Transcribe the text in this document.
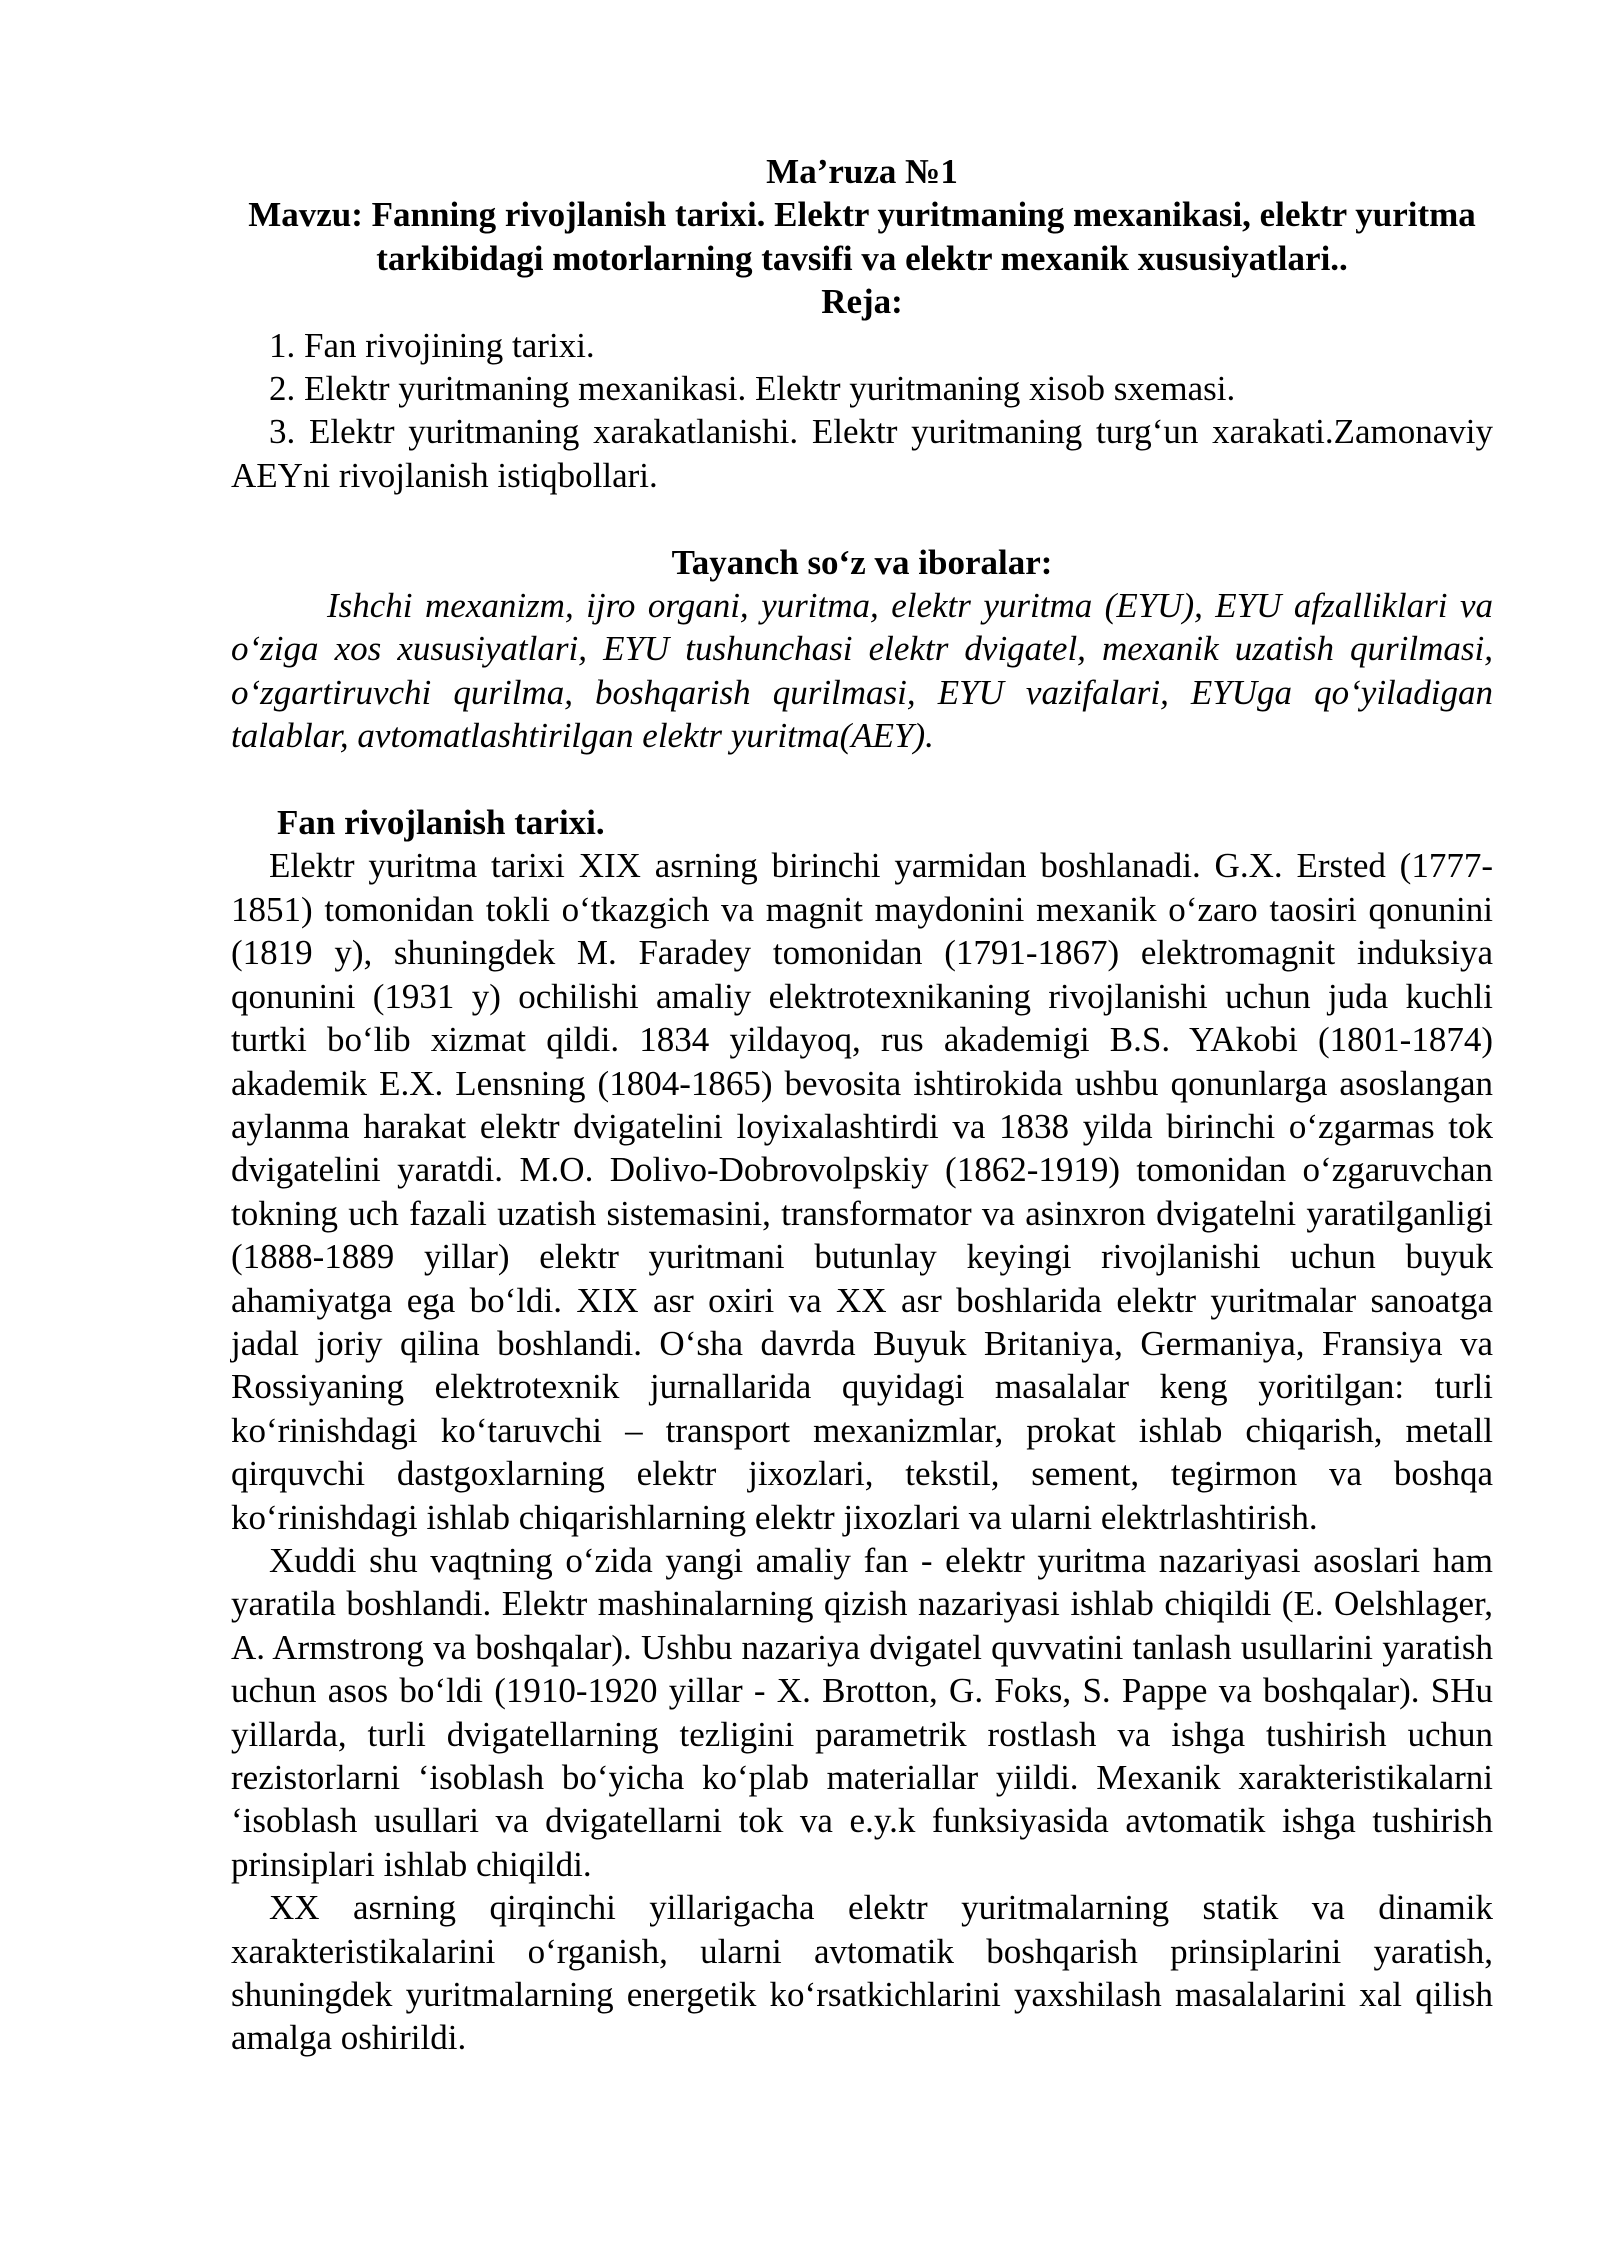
Ma’ruza №1
Mavzu: Fanning rivojlanish tarixi. Elektr yuritmaning mexanikasi, elektr yuritma tarkibidagi motorlarning tavsifi va elektr mexanik xususiyatlari..
Reja:
1. Fan rivojining tarixi.
2. Elektr yuritmaning mexanikasi. Elektr yuritmaning xisob sxemasi.
3. Elektr yuritmaning xarakatlanishi. Elektr yuritmaning turg‘un xarakati.Zamonaviy AEYni rivojlanish istiqbollari.
Tayanch so‘z va iboralar:
Ishchi mexanizm, ijro organi, yuritma, elektr yuritma (EYU), EYU afzalliklari va o‘ziga xos xususiyatlari, EYU tushunchasi elektr dvigatel, mexanik uzatish qurilmasi, o‘zgartiruvchi qurilma, boshqarish qurilmasi, EYU vazifalari, EYUga qo‘yiladigan talablar, avtomatlashtirilgan elektr yuritma(AEY).
Fan rivojlanish tarixi.

Elektr yuritma tarixi XIX asrning birinchi yarmidan boshlanadi. G.X. Ersted (1777-1851) tomonidan tokli o‘tkazgich va magnit maydonini mexanik o‘zaro taosiri qonunini (1819 y), shuningdek M. Faradey tomonidan (1791-1867) elektromagnit induksiya qonunini (1931 y) ochilishi amaliy elektrotexnikaning rivojlanishi uchun juda kuchli turtki bo‘lib xizmat qildi. 1834 yildayoq, rus akademigi B.S. YAkobi (1801-1874) akademik E.X. Lensning (1804-1865) bevosita ishtirokida ushbu qonunlarga asoslangan aylanma harakat elektr dvigatelini loyixalashtirdi va 1838 yilda birinchi o‘zgarmas tok dvigatelini yaratdi. M.O. Dolivo-Dobrovolpskiy (1862-1919) tomonidan o‘zgaruvchan tokning uch fazali uzatish sistemasini, transformator va asinxron dvigatelni yaratilganligi (1888-1889 yillar) elektr yuritmani butunlay keyingi rivojlanishi uchun buyuk ahamiyatga ega bo‘ldi. XIX asr oxiri va XX asr boshlarida elektr yuritmalar sanoatga jadal joriy qilina boshlandi. O‘sha davrda Buyuk Britaniya, Germaniya, Fransiya va Rossiyaning elektrotexnik jurnallarida quyidagi masalalar keng yoritilgan: turli ko‘rinishdagi ko‘taruvchi – transport mexanizmlar, prokat ishlab chiqarish, metall qirquvchi dastgoxlarning elektr jixozlari, tekstil, sement, tegirmon va boshqa ko‘rinishdagi ishlab chiqarishlarning elektr jixozlari va ularni elektrlashtirish.

Xuddi shu vaqtning o‘zida yangi amaliy fan - elektr yuritma nazariyasi asoslari ham yaratila boshlandi. Elektr mashinalarning qizish nazariyasi ishlab chiqildi (E. Oelshlager, A. Armstrong va boshqalar). Ushbu nazariya dvigatel quvvatini tanlash usullarini yaratish uchun asos bo‘ldi (1910-1920 yillar - X. Brotton, G. Foks, S. Pappe va boshqalar). SHu yillarda, turli dvigatellarning tezligini parametrik rostlash va ishga tushirish uchun rezistorlarni ‘isoblash bo‘yicha ko‘plab materiallar yiildi. Mexanik xarakteristikalarni ‘isoblash usullari va dvigatellarni tok va e.y.k funksiyasida avtomatik ishga tushirish prinsiplari ishlab chiqildi.

XX asrning qirqinchi yillarigacha elektr yuritmalarning statik va dinamik xarakteristikalarini o‘rganish, ularni avtomatik boshqarish prinsiplarini yaratish, shuningdek yuritmalarning energetik ko‘rsatkichlarini yaxshilash masalalarini xal qilish amalga oshirildi.
